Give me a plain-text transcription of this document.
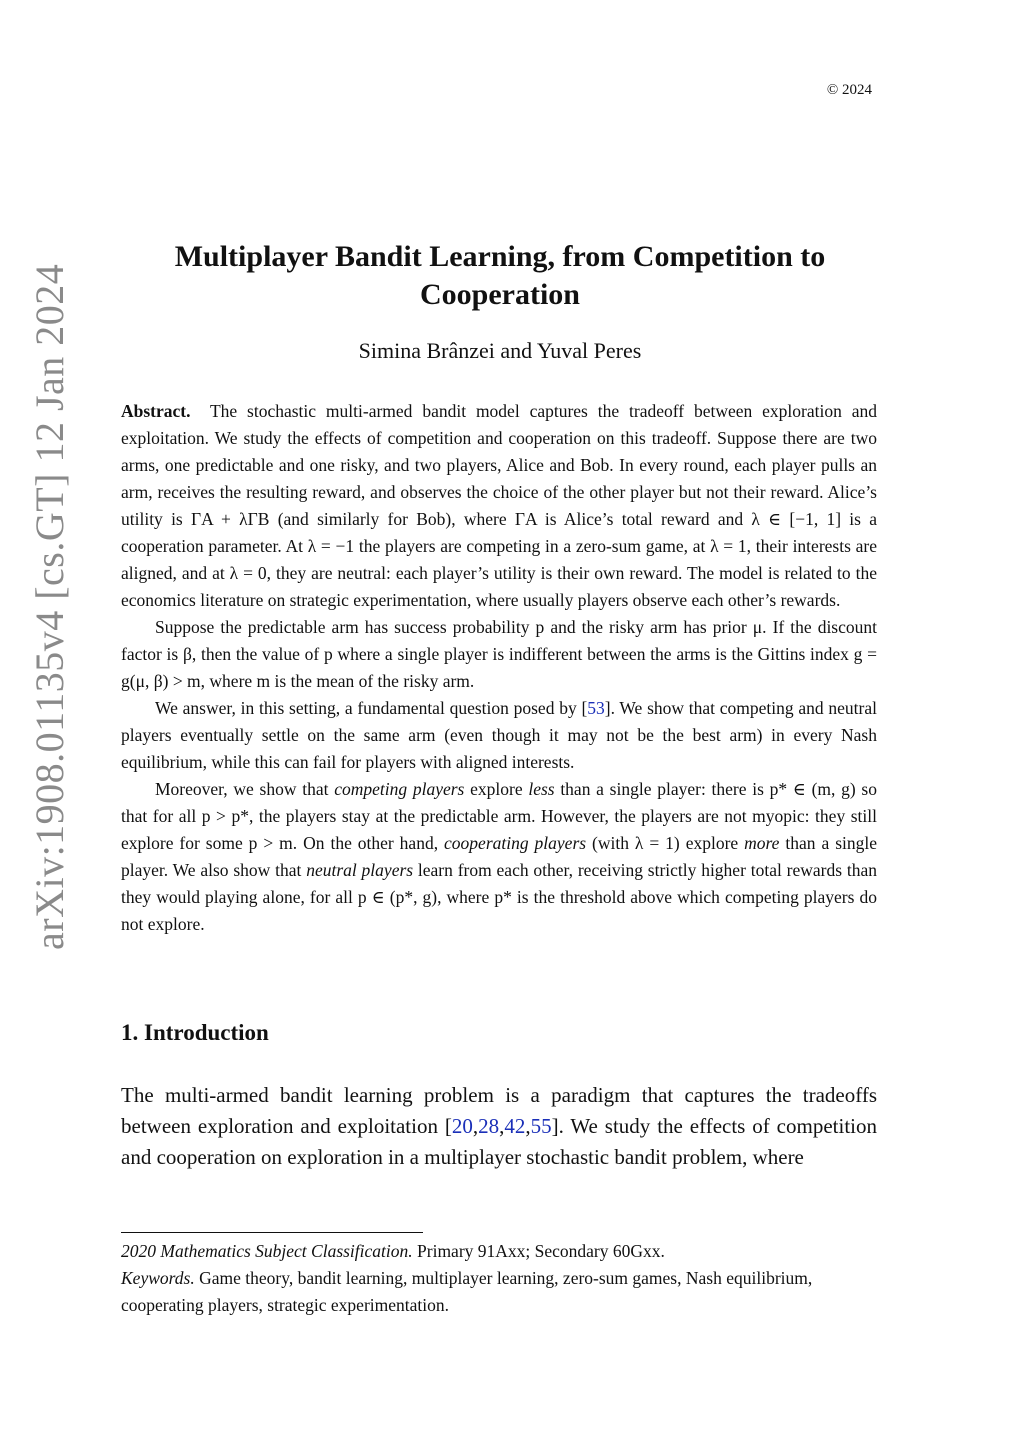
© 2024
arXiv:1908.01135v4 [cs.GT] 12 Jan 2024
Multiplayer Bandit Learning, from Competition to Cooperation
Simina Brânzei and Yuval Peres

Abstract. The stochastic multi-armed bandit model captures the tradeoff between exploration and exploitation. We study the effects of competition and cooperation on this tradeoff. Suppose there are two arms, one predictable and one risky, and two players, Alice and Bob. In every round, each player pulls an arm, receives the resulting reward, and observes the choice of the other player but not their reward. Alice’s utility is ΓA + λΓB (and similarly for Bob), where ΓA is Alice’s total reward and λ ∈ [−1, 1] is a cooperation parameter. At λ = −1 the players are competing in a zero-sum game, at λ = 1, their interests are aligned, and at λ = 0, they are neutral: each player’s utility is their own reward. The model is related to the economics literature on strategic experimentation, where usually players observe each other’s rewards.

Suppose the predictable arm has success probability p and the risky arm has prior μ. If the discount factor is β, then the value of p where a single player is indifferent between the arms is the Gittins index g = g(μ, β) > m, where m is the mean of the risky arm.

We answer, in this setting, a fundamental question posed by [53]. We show that competing and neutral players eventually settle on the same arm (even though it may not be the best arm) in every Nash equilibrium, while this can fail for players with aligned interests.

Moreover, we show that competing players explore less than a single player: there is p* ∈ (m, g) so that for all p > p*, the players stay at the predictable arm. However, the players are not myopic: they still explore for some p > m. On the other hand, cooperating players (with λ = 1) explore more than a single player. We also show that neutral players learn from each other, receiving strictly higher total rewards than they would playing alone, for all p ∈ (p*, g), where p* is the threshold above which competing players do not explore.

1. Introduction

The multi-armed bandit learning problem is a paradigm that captures the tradeoffs between exploration and exploitation [20,28,42,55]. We study the effects of competition and cooperation on exploration in a multiplayer stochastic bandit problem, where

2020 Mathematics Subject Classification. Primary 91Axx; Secondary 60Gxx.

Keywords. Game theory, bandit learning, multiplayer learning, zero-sum games, Nash equilibrium, cooperating players, strategic experimentation.
